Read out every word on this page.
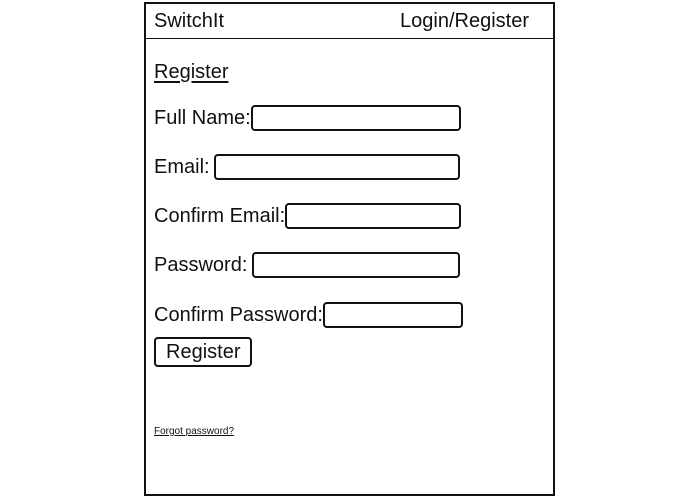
SwitchIt	Login/Register
Register
Full Name:
Email:
Confirm Email:
Password:
Confirm Password:
Register
Forgot password?
